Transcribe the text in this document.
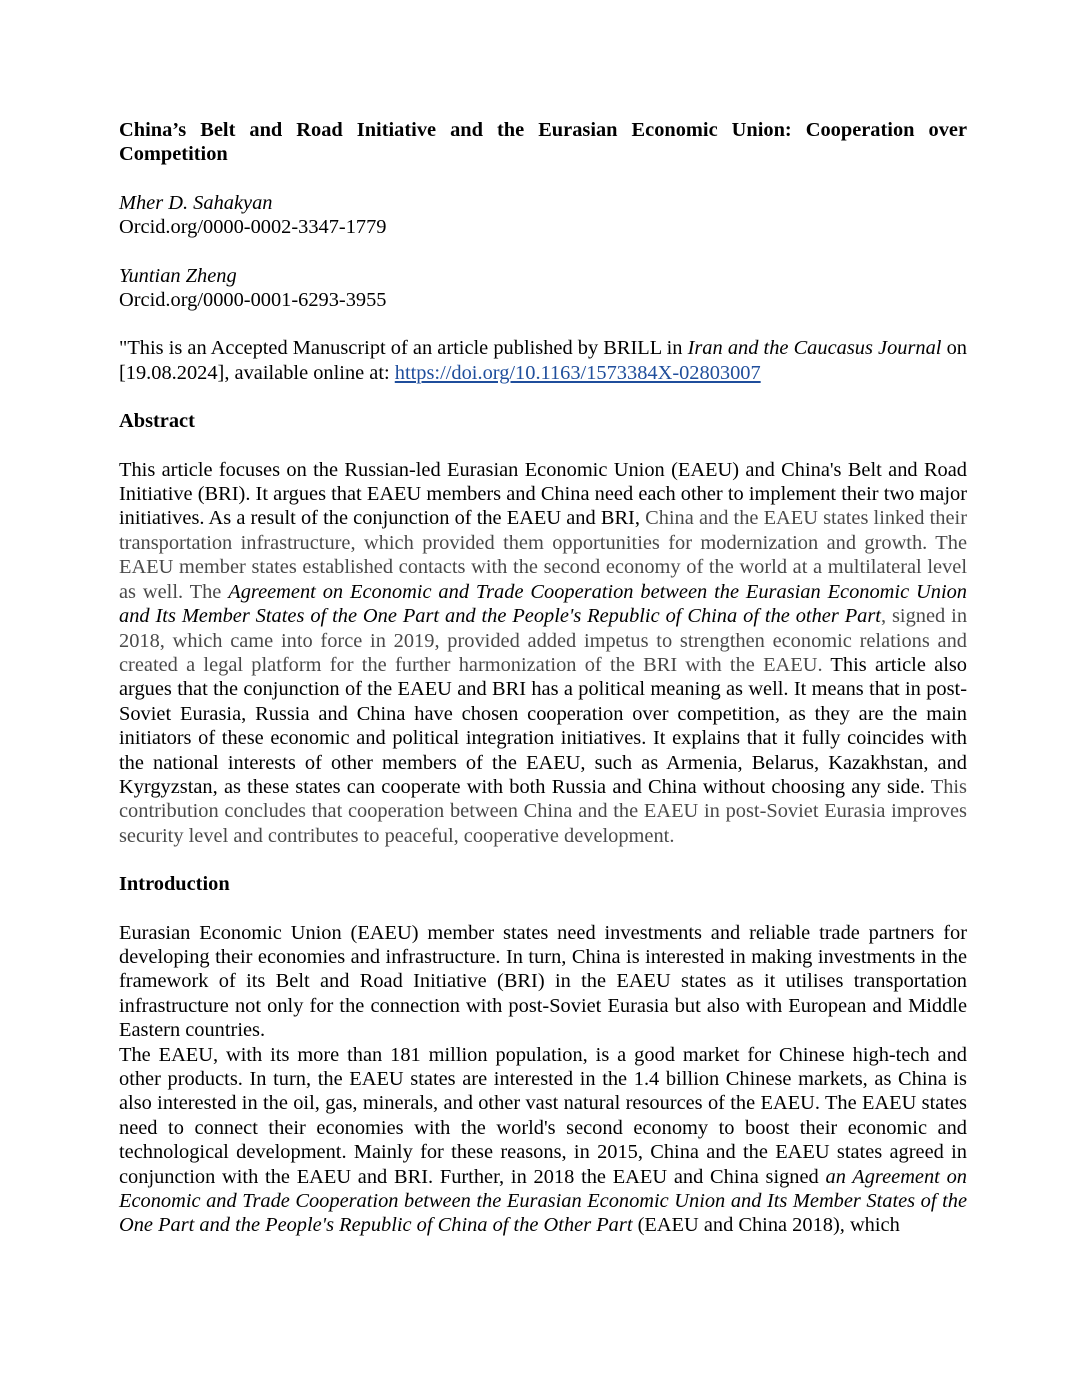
China’s Belt and Road Initiative and the Eurasian Economic Union: Cooperation over Competition
Mher D. Sahakyan
Orcid.org/0000-0002-3347-1779
Yuntian Zheng
Orcid.org/0000-0001-6293-3955

"This is an Accepted Manuscript of an article published by BRILL in Iran and the Caucasus Journal on [19.08.2024], available online at: https://doi.org/10.1163/1573384X-02803007

Abstract

This article focuses on the Russian-led Eurasian Economic Union (EAEU) and China's Belt and Road Initiative (BRI). It argues that EAEU members and China need each other to implement their two major initiatives. As a result of the conjunction of the EAEU and BRI, China and the EAEU states linked their transportation infrastructure, which provided them opportunities for modernization and growth. The EAEU member states established contacts with the second economy of the world at a multilateral level as well. The Agreement on Economic and Trade Cooperation between the Eurasian Economic Union and Its Member States of the One Part and the People's Republic of China of the other Part, signed in 2018, which came into force in 2019, provided added impetus to strengthen economic relations and created a legal platform for the further harmonization of the BRI with the EAEU. This article also argues that the conjunction of the EAEU and BRI has a political meaning as well. It means that in post-Soviet Eurasia, Russia and China have chosen cooperation over competition, as they are the main initiators of these economic and political integration initiatives. It explains that it fully coincides with the national interests of other members of the EAEU, such as Armenia, Belarus, Kazakhstan, and Kyrgyzstan, as these states can cooperate with both Russia and China without choosing any side. This contribution concludes that cooperation between China and the EAEU in post-Soviet Eurasia improves security level and contributes to peaceful, cooperative development.

Introduction

Eurasian Economic Union (EAEU) member states need investments and reliable trade partners for developing their economies and infrastructure. In turn, China is interested in making investments in the framework of its Belt and Road Initiative (BRI) in the EAEU states as it utilises transportation infrastructure not only for the connection with post-Soviet Eurasia but also with European and Middle Eastern countries.

The EAEU, with its more than 181 million population, is a good market for Chinese high-tech and other products. In turn, the EAEU states are interested in the 1.4 billion Chinese markets, as China is also interested in the oil, gas, minerals, and other vast natural resources of the EAEU. The EAEU states need to connect their economies with the world's second economy to boost their economic and technological development. Mainly for these reasons, in 2015, China and the EAEU states agreed in conjunction with the EAEU and BRI. Further, in 2018 the EAEU and China signed an Agreement on Economic and Trade Cooperation between the Eurasian Economic Union and Its Member States of the One Part and the People's Republic of China of the Other Part (EAEU and China 2018), which
